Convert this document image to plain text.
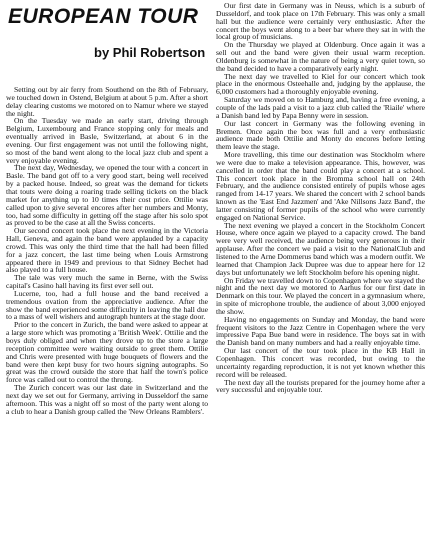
EUROPEAN TOUR
by Phil Robertson

Setting out by air ferry from Southend on the 8th of February, we touched down in Ostend, Belgium at about 5 p.m. After a short delay clearing customs we motored on to Namur where we stayed the night.

On the Tuesday we made an early start, driving through Belgium, Luxembourg and France stopping only for meals and eventually arrived in Basle, Switzerland, at about 6 in the evening. Our first engagement was not until the following night, so most of the band went along to the local jazz club and spent a very enjoyable evening.

The next day, Wednesday, we opened the tour with a concert in Basle. The band got off to a very good start, being well received by a packed house. Indeed, so great was the demand for tickets that touts were doing a roaring trade selling tickets on the black market for anything up to 10 times their cost price. Ottilie was called upon to give several encores after her numbers and Monty, too, had some difficulty in getting off the stage after his solo spot as proved to be the case at all the Swiss concerts.

Our second concert took place the next evening in the Victoria Hall, Geneva, and again the band were applauded by a capacity crowd. This was only the third time that the hall had been filled for a jazz concert, the last time being when Louis Armstrong appeared there in 1949 and previous to that Sidney Bechet had also played to a full house.

The tale was very much the same in Berne, with the Swiss capital's Casino hall having its first ever sell out.

Lucerne, too, had a full house and the band received a tremendous ovation from the appreciative audience. After the show the band experienced some difficulty in leaving the hall due to a mass of well wishers and autograph hunters at the stage door.

Prior to the concert in Zurich, the band were asked to appear at a large store which was promoting a 'British Week'. Ottilie and the boys duly obliged and when they drove up to the store a large reception committee were waiting outside to greet them. Ottilie and Chris were presented with huge bouquets of flowers and the band were then kept busy for two hours signing autographs. So great was the crowd outside the store that half the town's police force was called out to control the throng.

The Zurich concert was our last date in Switzerland and the next day we set out for Germany, arriving in Dusseldorf the same afternoon. This was a night off so most of the party went along to a club to hear a Danish group called the 'New Orleans Ramblers'.

Our first date in Germany was in Neuss, which is a suburb of Dusseldorf, and took place on 17th February. This was only a small hall but the audience were certainly very enthusiastic. After the concert the boys went along to a beer bar where they sat in with the local group of musicians.

On the Thursday we played at Oldenburg. Once again it was a sell out and the band were given their usual warm reception. Oldenburg is somewhat in the nature of being a very quiet town, so the band decided to have a comparatively early night.

The next day we travelled to Kiel for our concert which took place in the enormous Osteehalle and, judging by the applause, the 6,000 customers had a thoroughly enjoyable evening.

Saturday we moved on to Hamburg and, having a free evening, a couple of the lads paid a visit to a jazz club called the 'Riaile' where a Danish band led by Papa Benny were in session.

Our last concert in Germany was the following evening in Bremen. Once again the box was full and a very enthusiastic audience made both Ottilie and Monty do encores before letting them leave the stage.

More travelling, this time our destination was Stockholm where we were due to make a television appearance. This, however, was cancelled in order that the band could play a concert at a school. This concert took place in the Bromma school hall on 24th February, and the audience consisted entirely of pupils whose ages ranged from 14-17 years. We shared the concert with 2 school bands known as the 'East End Jazzmen' and 'Ake Nillsons Jazz Band', the latter consisting of former pupils of the school who were currently engaged on National Service.

The next evening we played a concert in the Stockholm Concert House, where once again we played to a capacity crowd. The band were very well received, the audience being very generous in their applause. After the concert we paid a visit to the NationalClub and listened to the Arne Dommerus band which was a modern outfit. We learned that Champion Jack Dupree was due to appear here for 12 days but unfortunately we left Stockholm before his opening night.

On Friday we travelled down to Copenhagen where we stayed the night and the next day we motored to Aarhus for our first date in Denmark on this tour. We played the concert in a gymnasium where, in spite of microphone trouble, the audience of about 3,000 enjoyed the show.

Having no engagements on Sunday and Monday, the band were frequent visitors to the Jazz Centre in Copenhagen where the very impressive Papa Bue band were in residence. The boys sat in with the Danish band on many numbers and had a really enjoyable time.

Our last concert of the tour took place in the KB Hall in Copenhagen. This concert was recorded, but owing to the uncertainty regarding reproduction, it is not yet known whether this record will be released.

The next day all the tourists prepared for the journey home after a very successful and enjoyable tour.
